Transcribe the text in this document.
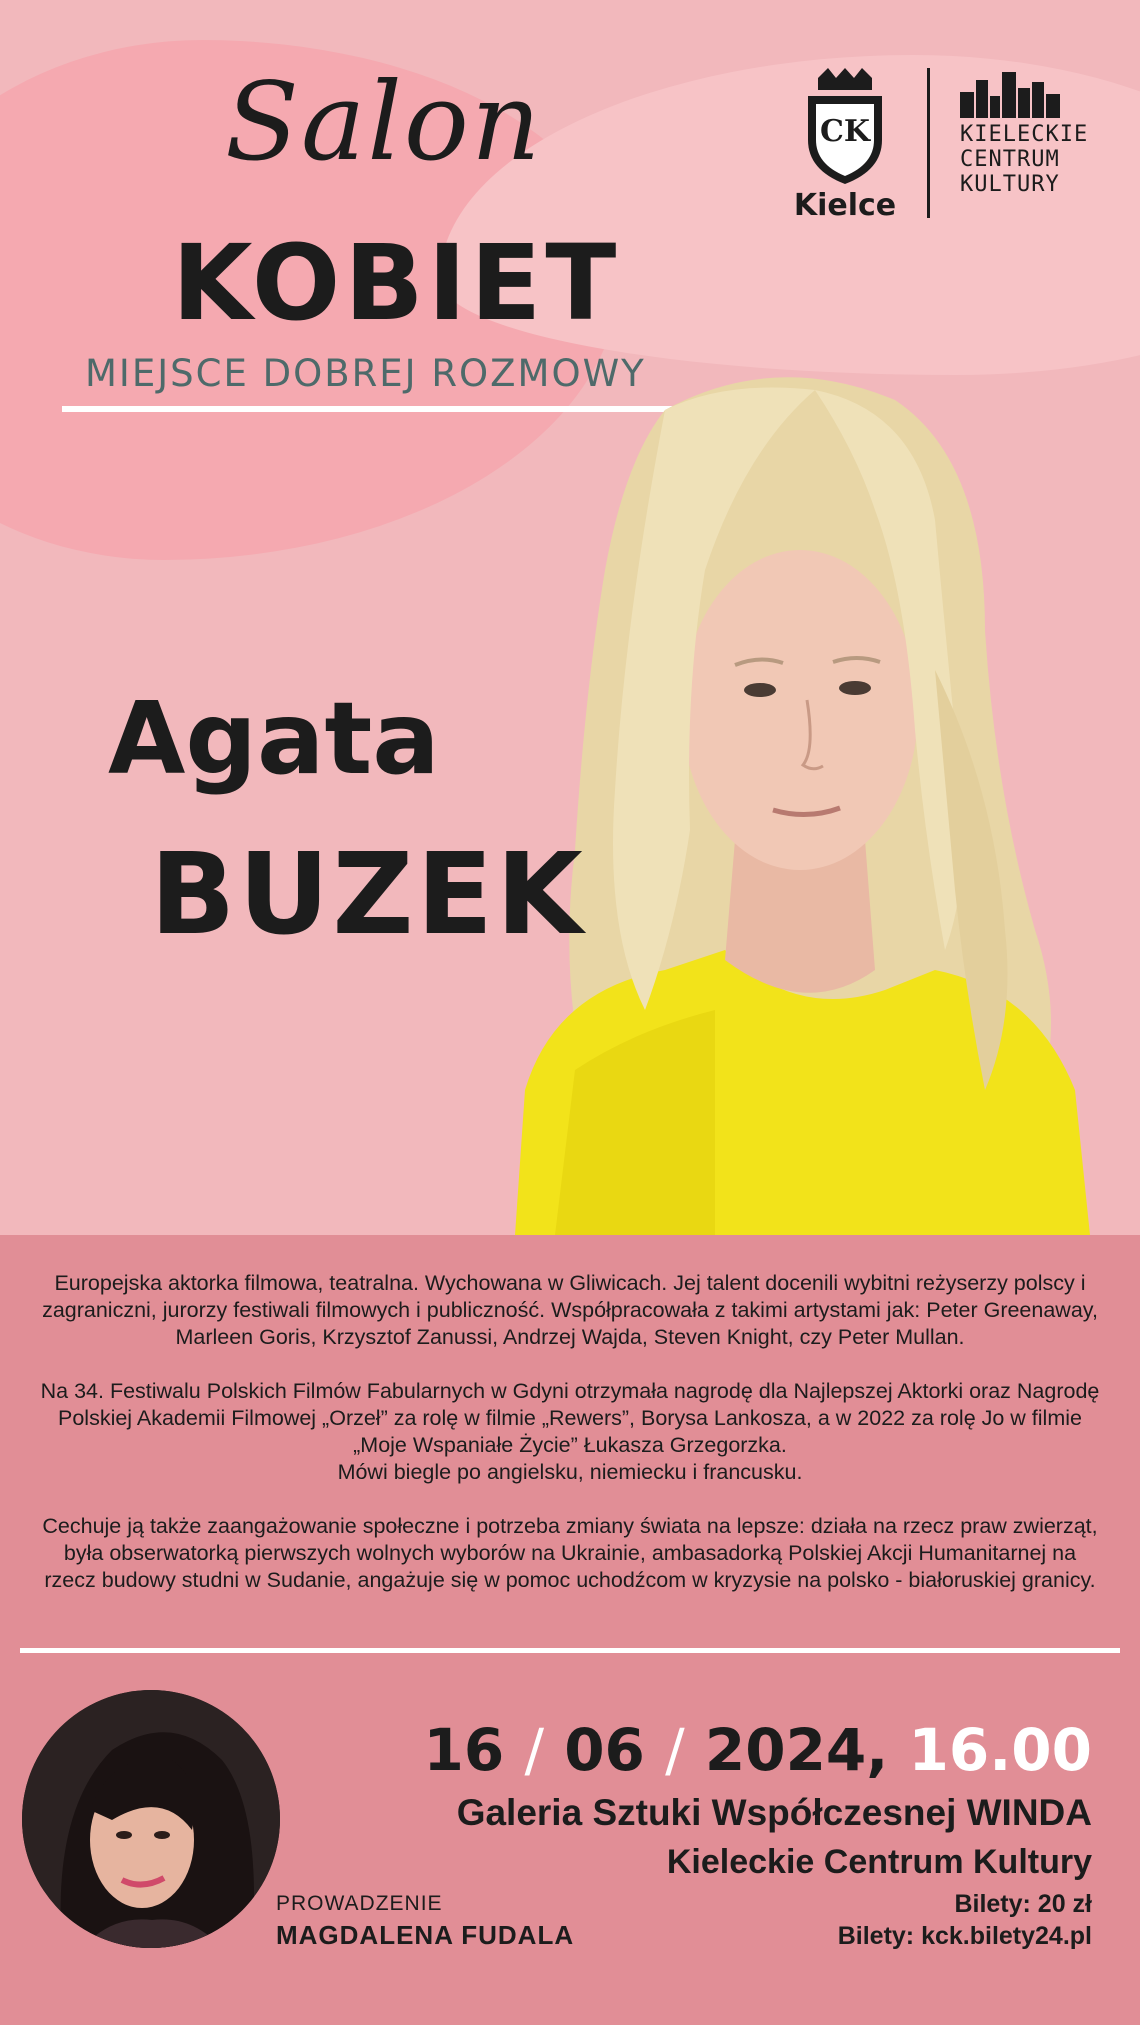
Salon
KOBIET
MIEJSCE DOBREJ ROZMOWY
CK
Kielce
KIELECKIE
CENTRUM
KULTURY
Agata
BUZEK

Europejska aktorka filmowa, teatralna. Wychowana w Gliwicach. Jej talent docenili wybitni reżyserzy polscy i zagraniczni, jurorzy festiwali filmowych i publiczność. Współpracowała z takimi artystami jak: Peter Greenaway, Marleen Goris, Krzysztof Zanussi, Andrzej Wajda, Steven Knight, czy Peter Mullan.

Na 34. Festiwalu Polskich Filmów Fabularnych w Gdyni otrzymała nagrodę dla Najlepszej Aktorki oraz Nagrodę Polskiej Akademii Filmowej „Orzeł” za rolę w filmie „Rewers”, Borysa Lankosza, a w 2022 za rolę Jo w filmie „Moje Wspaniałe Życie” Łukasza Grzegorzka.

Mówi biegle po angielsku, niemiecku i francusku.

Cechuje ją także zaangażowanie społeczne i potrzeba zmiany świata na lepsze: działa na rzecz praw zwierząt, była obserwatorką pierwszych wolnych wyborów na Ukrainie, ambasadorką Polskiej Akcji Humanitarnej na rzecz budowy studni w Sudanie, angażuje się w pomoc uchodźcom w kryzysie na polsko - białoruskiej granicy.

PROWADZENIE
MAGDALENA FUDALA
16 / 06 / 2024, 16.00
Galeria Sztuki Współczesnej WINDA
Kieleckie Centrum Kultury
Bilety: 20 zł
Bilety: kck.bilety24.pl
